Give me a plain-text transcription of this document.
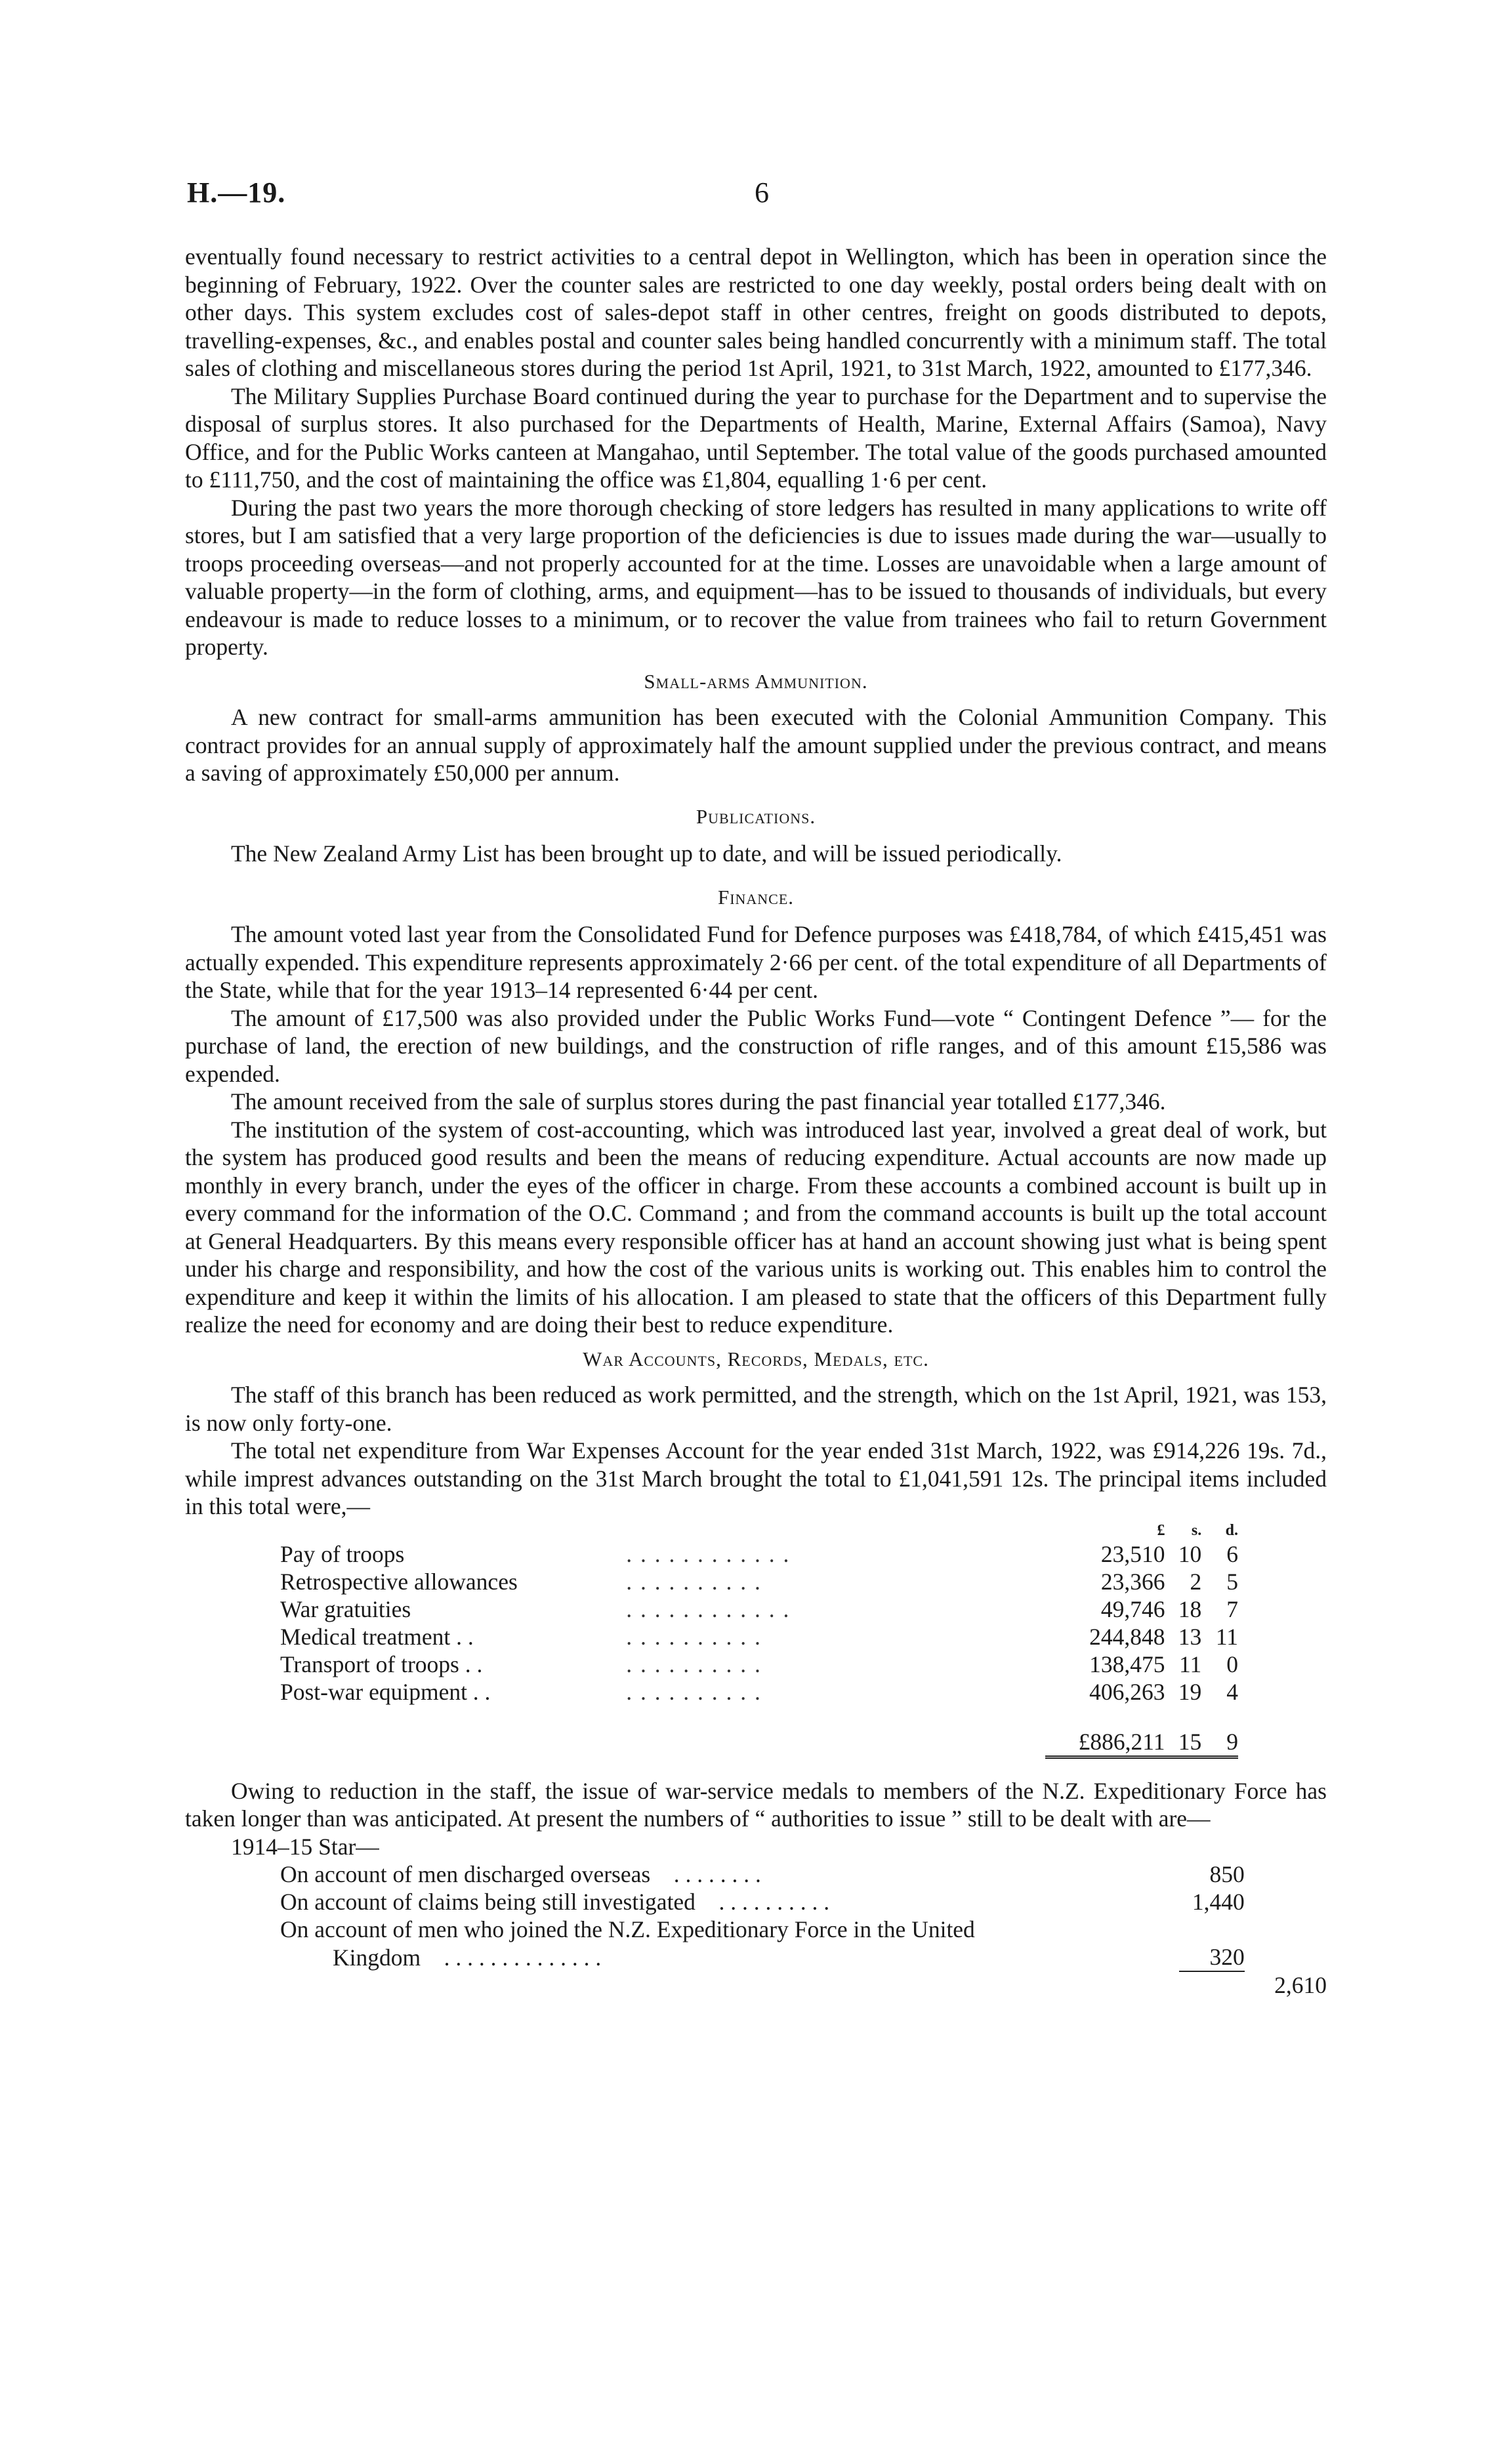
H.—19.	6

eventually found necessary to restrict activities to a central depot in Wellington, which has been in operation since the beginning of February, 1922. Over the counter sales are restricted to one day weekly, postal orders being dealt with on other days. This system excludes cost of sales-depot staff in other centres, freight on goods distributed to depots, travelling-expenses, &c., and enables postal and counter sales being handled concurrently with a minimum staff. The total sales of clothing and miscellaneous stores during the period 1st April, 1921, to 31st March, 1922, amounted to £177,346.

The Military Supplies Purchase Board continued during the year to purchase for the Department and to supervise the disposal of surplus stores. It also purchased for the Departments of Health, Marine, External Affairs (Samoa), Navy Office, and for the Public Works canteen at Mangahao, until September. The total value of the goods purchased amounted to £111,750, and the cost of maintaining the office was £1,804, equalling 1·6 per cent.

During the past two years the more thorough checking of store ledgers has resulted in many applications to write off stores, but I am satisfied that a very large proportion of the deficiencies is due to issues made during the war—usually to troops proceeding overseas—and not properly accounted for at the time. Losses are unavoidable when a large amount of valuable property—in the form of clothing, arms, and equipment—has to be issued to thousands of individuals, but every endeavour is made to reduce losses to a minimum, or to recover the value from trainees who fail to return Government property.

Small-arms Ammunition.

A new contract for small-arms ammunition has been executed with the Colonial Ammunition Company. This contract provides for an annual supply of approximately half the amount supplied under the previous contract, and means a saving of approximately £50,000 per annum.

Publications.

The New Zealand Army List has been brought up to date, and will be issued periodically.

Finance.

The amount voted last year from the Consolidated Fund for Defence purposes was £418,784, of which £415,451 was actually expended. This expenditure represents approximately 2·66 per cent. of the total expenditure of all Departments of the State, while that for the year 1913–14 represented 6·44 per cent.

The amount of £17,500 was also provided under the Public Works Fund—vote “ Contingent Defence ”— for the purchase of land, the erection of new buildings, and the construction of rifle ranges, and of this amount £15,586 was expended.

The amount received from the sale of surplus stores during the past financial year totalled £177,346.

The institution of the system of cost-accounting, which was introduced last year, involved a great deal of work, but the system has produced good results and been the means of reducing expenditure. Actual accounts are now made up monthly in every branch, under the eyes of the officer in charge. From these accounts a combined account is built up in every command for the information of the O.C. Command ; and from the command accounts is built up the total account at General Headquarters. By this means every responsible officer has at hand an account showing just what is being spent under his charge and responsibility, and how the cost of the various units is working out. This enables him to control the expenditure and keep it within the limits of his allocation. I am pleased to state that the officers of this Department fully realize the need for economy and are doing their best to reduce expenditure.

War Accounts, Records, Medals, etc.

The staff of this branch has been reduced as work permitted, and the strength, which on the 1st April, 1921, was 153, is now only forty-one.

The total net expenditure from War Expenses Account for the year ended 31st March, 1922, was £914,226 19s. 7d., while imprest advances outstanding on the 31st March brought the total to £1,041,591 12s. The principal items included in this total were,—

		£	s.	d.
Pay of troops	. . . . . . . . . . . .	23,510	10	6
Retrospective allowances	. . . . . . . . . .	23,366	2	5
War gratuities	. . . . . . . . . . . .	49,746	18	7
Medical treatment . .	. . . . . . . . . .	244,848	13	11
Transport of troops . .	. . . . . . . . . .	138,475	11	0
Post-war equipment . .	. . . . . . . . . .	406,263	19	4
		£886,211	15	9

Owing to reduction in the staff, the issue of war-service medals to members of the N.Z. Expeditionary Force has taken longer than was anticipated. At present the numbers of “ authorities to issue ” still to be dealt with are—

1914–15 Star—
On account of men discharged overseas . . . . . . . .	850	
On account of claims being still investigated . . . . . . . . . .	1,440	
On account of men who joined the N.Z. Expeditionary Force in the United		
Kingdom . . . . . . . . . . . . . .	320	
		2,610
